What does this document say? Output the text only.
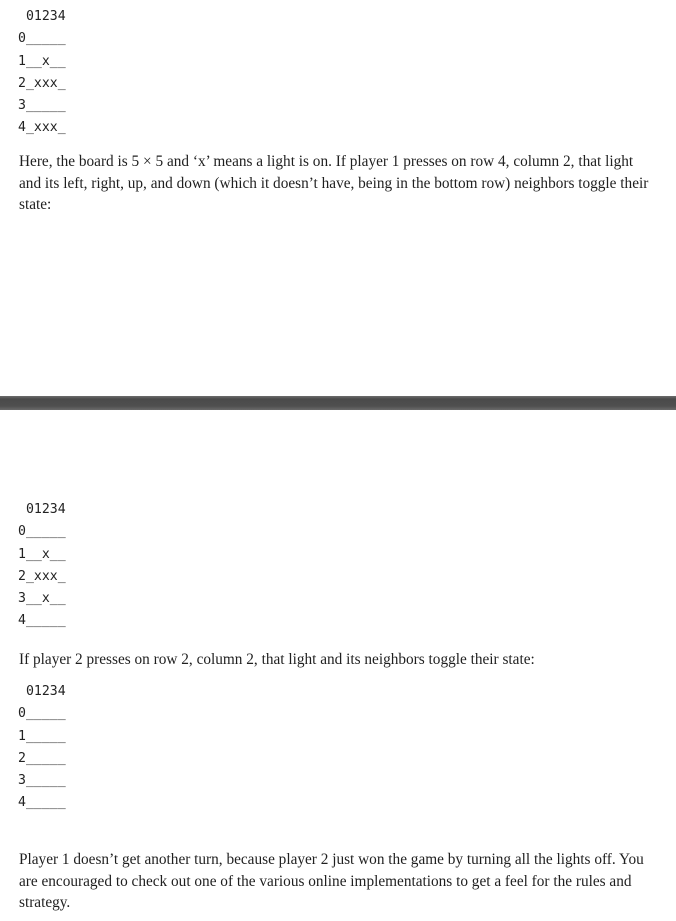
01234
0_____
1__x__
2_xxx_
3_____
4_xxx_

Here, the board is 5 × 5 and ‘x’ means a light is on. If player 1 presses on row 4, column 2, that light and its left, right, up, and down (which it doesn’t have, being in the bottom row) neighbors toggle their state:

01234
0_____
1__x__
2_xxx_
3__x__
4_____

If player 2 presses on row 2, column 2, that light and its neighbors toggle their state:

01234
0_____
1_____
2_____
3_____
4_____

Player 1 doesn’t get another turn, because player 2 just won the game by turning all the lights off. You are encouraged to check out one of the various online implementations to get a feel for the rules and strategy.
